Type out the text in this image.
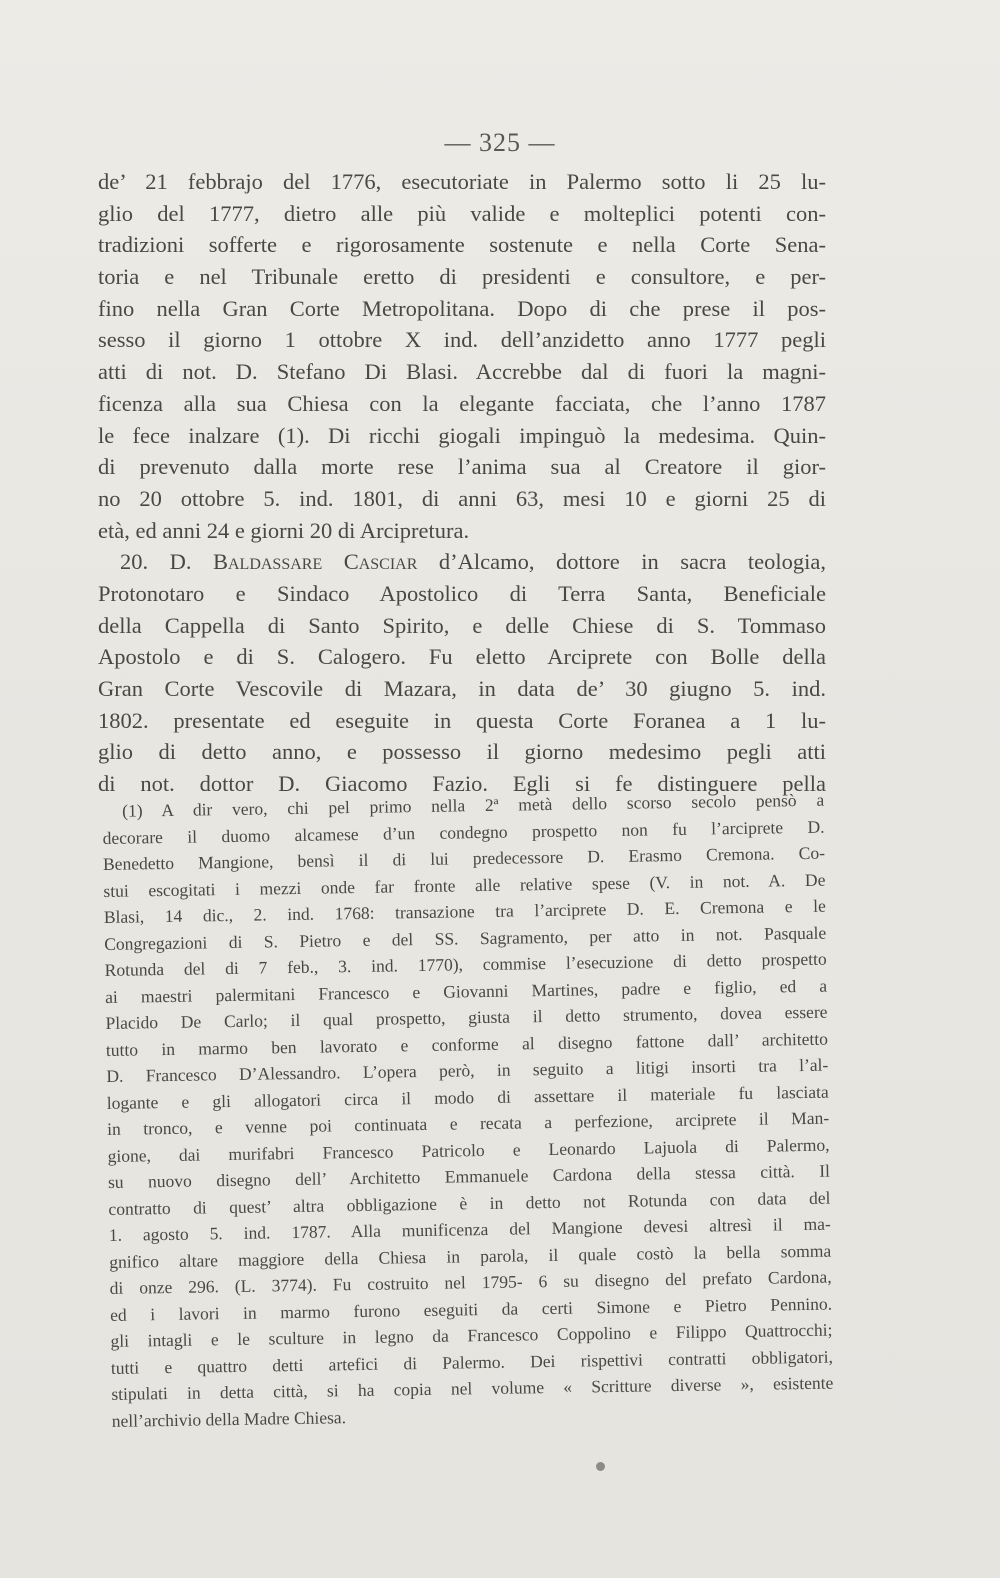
— 325 —
de’ 21 febbrajo del 1776, esecutoriate in Palermo sotto li 25 lu-
glio del 1777, dietro alle più valide e molteplici potenti con-
tradizioni sofferte e rigorosamente sostenute e nella Corte Sena-
toria e nel Tribunale eretto di presidenti e consultore, e per-
fino nella Gran Corte Metropolitana. Dopo di che prese il pos-
sesso il giorno 1 ottobre X ind. dell’anzidetto anno 1777 pegli
atti di not. D. Stefano Di Blasi. Accrebbe dal di fuori la magni-
ficenza alla sua Chiesa con la elegante facciata, che l’anno 1787
le fece inalzare (1). Di ricchi giogali impinguò la medesima. Quin-
di prevenuto dalla morte rese l’anima sua al Creatore il gior-
no 20 ottobre 5. ind. 1801, di anni 63, mesi 10 e giorni 25 di
età, ed anni 24 e giorni 20 di Arcipretura.
20. D. Baldassare Casciar d’Alcamo, dottore in sacra teologia,
Protonotaro e Sindaco Apostolico di Terra Santa, Beneficiale
della Cappella di Santo Spirito, e delle Chiese di S. Tommaso
Apostolo e di S. Calogero. Fu eletto Arciprete con Bolle della
Gran Corte Vescovile di Mazara, in data de’ 30 giugno 5. ind.
1802. presentate ed eseguite in questa Corte Foranea a 1 lu-
glio di detto anno, e possesso il giorno medesimo pegli atti
di not. dottor D. Giacomo Fazio. Egli si fe distinguere pella
(1) A dir vero, chi pel primo nella 2ª metà dello scorso secolo pensò a
decorare il duomo alcamese d’un condegno prospetto non fu l’arciprete D.
Benedetto Mangione, bensì il di lui predecessore D. Erasmo Cremona. Co-
stui escogitati i mezzi onde far fronte alle relative spese (V. in not. A. De
Blasi, 14 dic., 2. ind. 1768: transazione tra l’arciprete D. E. Cremona e le
Congregazioni di S. Pietro e del SS. Sagramento, per atto in not. Pasquale
Rotunda del di 7 feb., 3. ind. 1770), commise l’esecuzione di detto prospetto
ai maestri palermitani Francesco e Giovanni Martines, padre e figlio, ed a
Placido De Carlo; il qual prospetto, giusta il detto strumento, dovea essere
tutto in marmo ben lavorato e conforme al disegno fattone dall’ architetto
D. Francesco D’Alessandro. L’opera però, in seguito a litigi insorti tra l’al-
logante e gli allogatori circa il modo di assettare il materiale fu lasciata
in tronco, e venne poi continuata e recata a perfezione, arciprete il Man-
gione, dai murifabri Francesco Patricolo e Leonardo Lajuola di Palermo,
su nuovo disegno dell’ Architetto Emmanuele Cardona della stessa città. Il
contratto di quest’ altra obbligazione è in detto not Rotunda con data del
1. agosto 5. ind. 1787. Alla munificenza del Mangione devesi altresì il ma-
gnifico altare maggiore della Chiesa in parola, il quale costò la bella somma
di onze 296. (L. 3774). Fu costruito nel 1795- 6 su disegno del prefato Cardona,
ed i lavori in marmo furono eseguiti da certi Simone e Pietro Pennino.
gli intagli e le sculture in legno da Francesco Coppolino e Filippo Quattrocchi;
tutti e quattro detti artefici di Palermo. Dei rispettivi contratti obbligatori,
stipulati in detta città, si ha copia nel volume « Scritture diverse », esistente
nell’archivio della Madre Chiesa.
